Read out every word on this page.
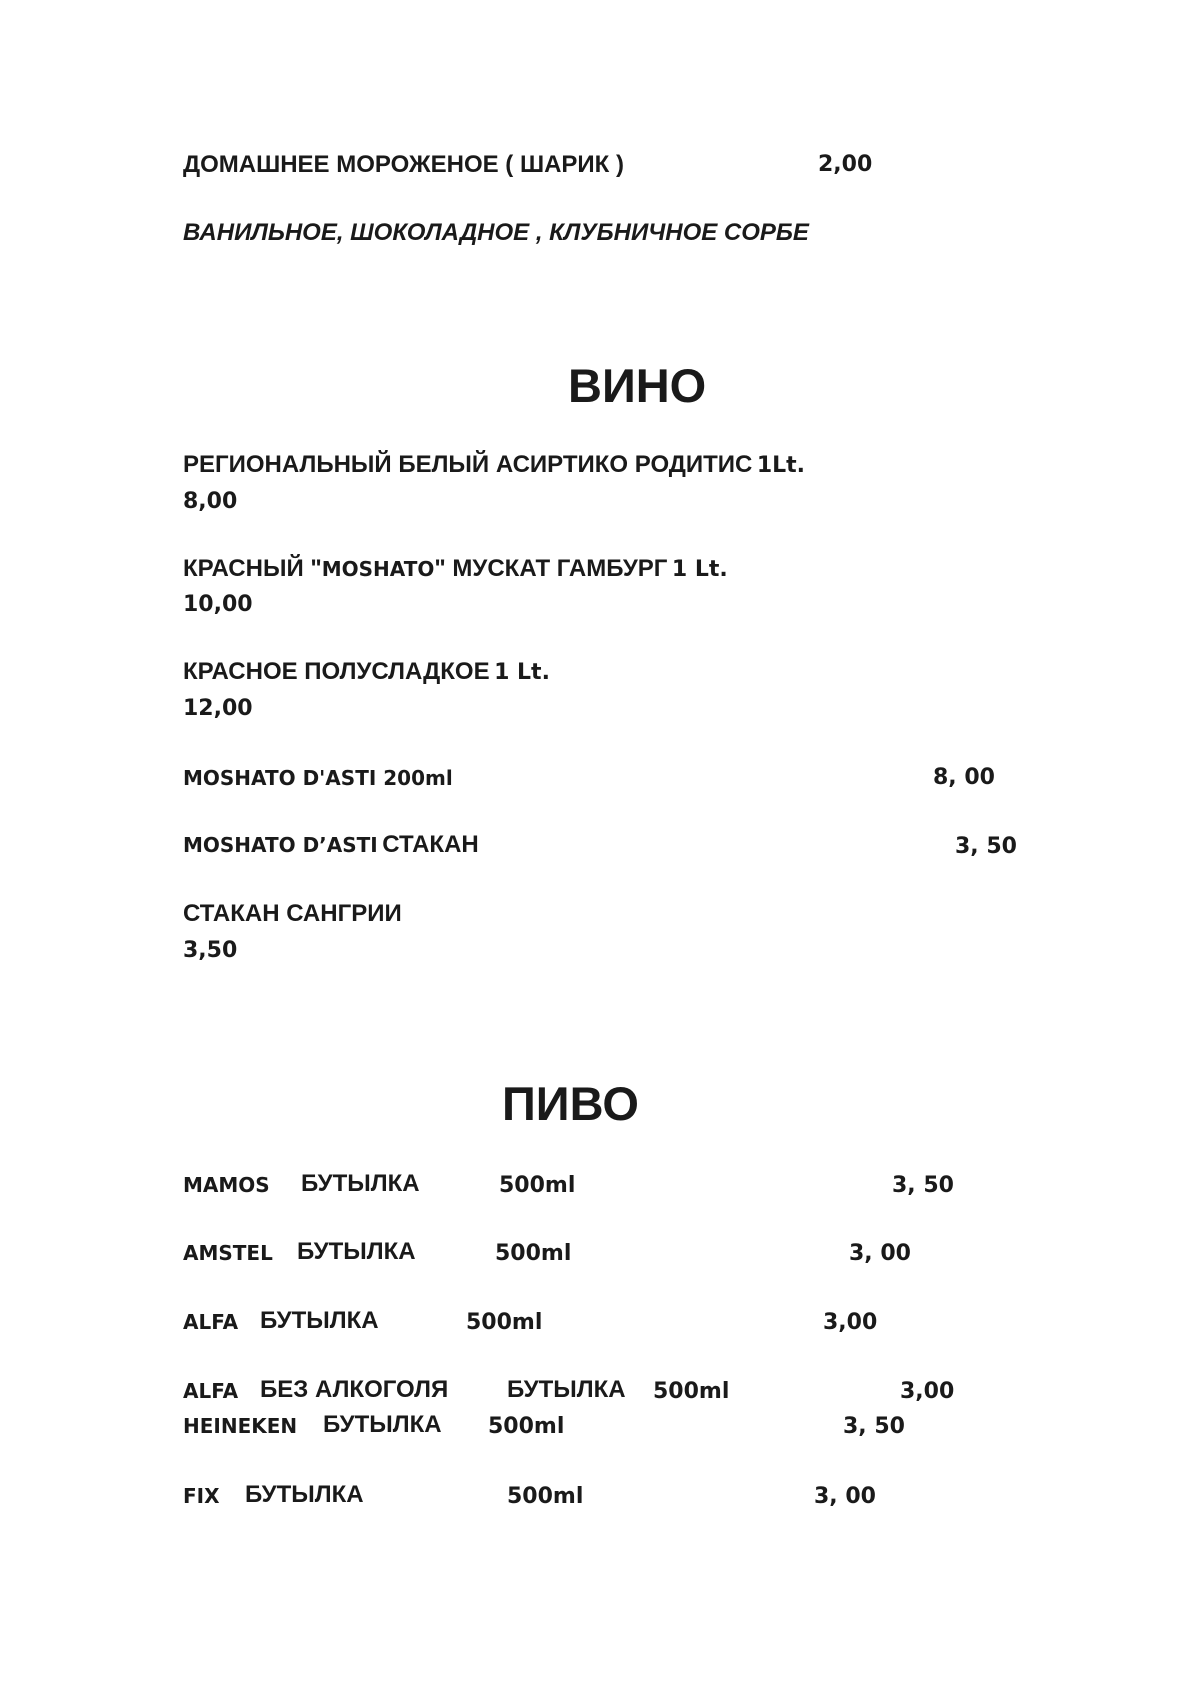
ДОМАШНЕЕ МОРОЖЕНОЕ ( ШАРИК )	2,00
ВАНИЛЬНОЕ, ШОКОЛАДНОЕ , КЛУБНИЧНОЕ СОРБЕ
ВИНО
РЕГИОНАЛЬНЫЙ БЕЛЫЙ АСИРТИКО РОДИТИС 1Lt.
8,00
КРАСНЫЙ "MOSHATO" МУСКАТ ГАМБУРГ 1 Lt.
10,00
КРАСНОЕ ПОЛУСЛАДКОЕ 1 Lt.
12,00
MOSHATO D'ASTI 200ml	8, 00
MOSHATO D’ASTI СТАКАН	3, 50
СТАКАН САНГРИИ
3,50
ПИВО
MAMOS БУТЫЛКА	500ml	3, 50
AMSTEL БУТЫЛКА	500ml	3, 00
ALFA БУТЫЛКА	500ml	3,00
ALFA БЕЗ АЛКОГОЛЯ БУТЫЛКА 500ml	3,00
HEINEKEN БУТЫЛКА 500ml	3, 50
FIX БУТЫЛКА	500ml	3, 00
